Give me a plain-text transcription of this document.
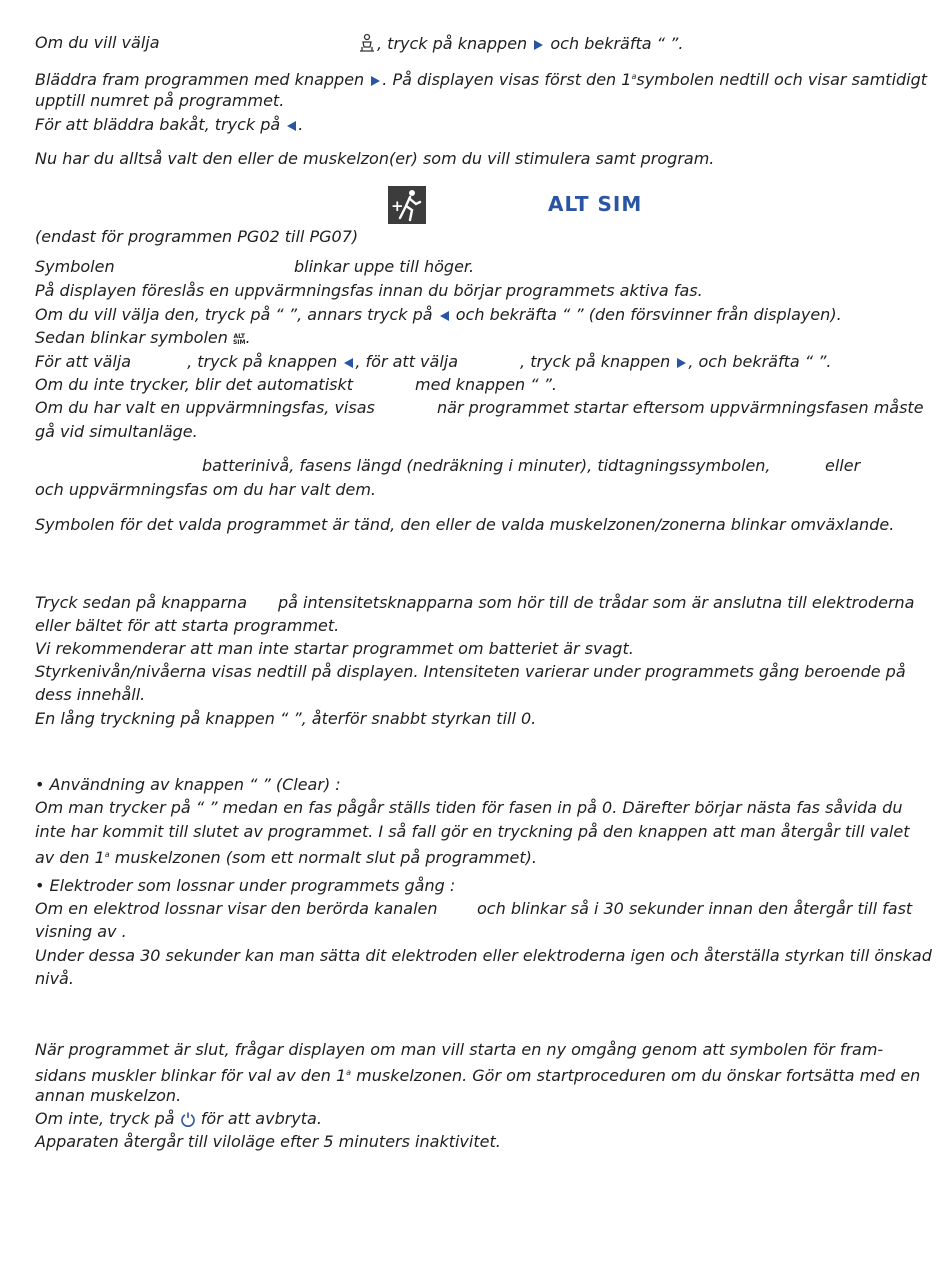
Om du vill välja	, tryck på knappen och bekräfta “ ”.
Bläddra fram programmen med knappen . På displayen visas först den 1$^a$symbolen nedtill och visar samtidigt
upptill numret på programmet.
För att bläddra bakåt, tryck på .
Nu har du alltså valt den eller de muskelzon(er) som du vill stimulera samt program.
+	ALT SIM
(endast för programmen PG02 till PG07)
Symbolen	blinkar uppe till höger.
På displayen föreslås en uppvärmningsfas innan du börjar programmets aktiva fas.
Om du vill välja den, tryck på “ ”, annars tryck på och bekräfta “ ” (den försvinner från displayen).
Sedan blinkar symbolen ALT
SIM.
För att välja	, tryck på knappen , för att välja	, tryck på knappen , och bekräfta “ ”.
Om du inte trycker, blir det automatiskt	med knappen “ ”.
Om du har valt en uppvärmningsfas, visas	när programmet startar eftersom uppvärmningsfasen måste
gå vid simultanläge.
batterinivå, fasens längd (nedräkning i minuter), tidtagningssymbolen,	eller
och uppvärmningsfas om du har valt dem.
Symbolen för det valda programmet är tänd, den eller de valda muskelzonen/zonerna blinkar omväxlande.
Tryck sedan på knapparna på intensitetsknapparna som hör till de trådar som är anslutna till elektroderna
eller bältet för att starta programmet.
Vi rekommenderar att man inte startar programmet om batteriet är svagt.
Styrkenivån/nivåerna visas nedtill på displayen. Intensiteten varierar under programmets gång beroende på
dess innehåll.
En lång tryckning på knappen “ ”, återför snabbt styrkan till 0.
• Användning av knappen “ ” (Clear) :
Om man trycker på “ ” medan en fas pågår ställs tiden för fasen in på 0. Därefter börjar nästa fas såvida du
inte har kommit till slutet av programmet. I så fall gör en tryckning på den knappen att man återgår till valet
av den 1$^a$ muskelzonen (som ett normalt slut på programmet).
• Elektroder som lossnar under programmets gång :
Om en elektrod lossnar visar den berörda kanalen och blinkar så i 30 sekunder innan den återgår till fast
visning av .
Under dessa 30 sekunder kan man sätta dit elektroden eller elektroderna igen och återställa styrkan till önskad
nivå.
När programmet är slut, frågar displayen om man vill starta en ny omgång genom att symbolen för fram-
sidans muskler blinkar för val av den 1$^a$ muskelzonen. Gör om startproceduren om du önskar fortsätta med en
annan muskelzon.
Om inte, tryck på för att avbryta.
Apparaten återgår till viloläge efter 5 minuters inaktivitet.
